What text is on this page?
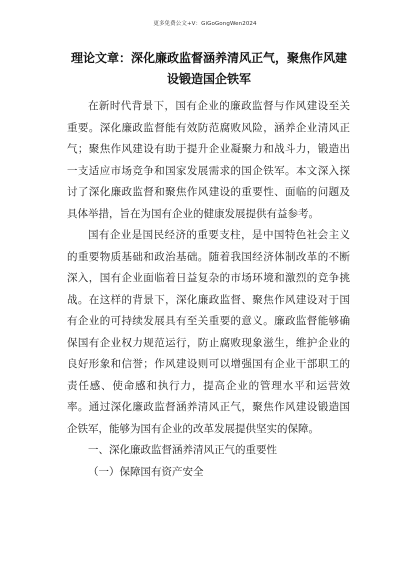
更多免费公文+V：GiGoGongWen2024
理论文章：深化廉政监督涵养清风正气，聚焦作风建设锻造国企铁军

在新时代背景下，国有企业的廉政监督与作风建设至关重要。深化廉政监督能有效防范腐败风险，涵养企业清风正气；聚焦作风建设有助于提升企业凝聚力和战斗力，锻造出一支适应市场竞争和国家发展需求的国企铁军。本文深入探讨了深化廉政监督和聚焦作风建设的重要性、面临的问题及具体举措，旨在为国有企业的健康发展提供有益参考。

国有企业是国民经济的重要支柱，是中国特色社会主义的重要物质基础和政治基础。随着我国经济体制改革的不断深入，国有企业面临着日益复杂的市场环境和激烈的竞争挑战。在这样的背景下，深化廉政监督、聚焦作风建设对于国有企业的可持续发展具有至关重要的意义。廉政监督能够确保国有企业权力规范运行，防止腐败现象滋生，维护企业的良好形象和信誉；作风建设则可以增强国有企业干部职工的责任感、使命感和执行力，提高企业的管理水平和运营效率。通过深化廉政监督涵养清风正气，聚焦作风建设锻造国企铁军，能够为国有企业的改革发展提供坚实的保障。

一、深化廉政监督涵养清风正气的重要性

（一）保障国有资产安全
